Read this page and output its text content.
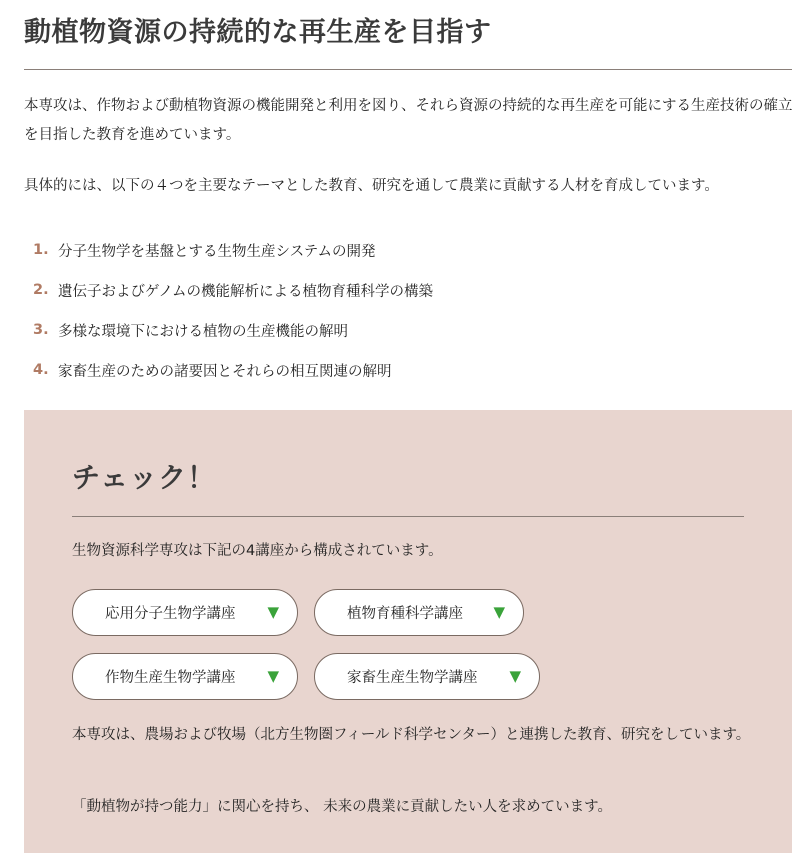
動植物資源の持続的な再生産を目指す

本専攻は、作物および動植物資源の機能開発と利用を図り、それら資源の持続的な再生産を可能にする生産技術の確立を目指した教育を進めています。

具体的には、以下の４つを主要なテーマとした教育、研究を通して農業に貢献する人材を育成しています。

1. 分子生物学を基盤とする生物生産システムの開発
2. 遺伝子およびゲノムの機能解析による植物育種科学の構築
3. 多様な環境下における植物の生産機能の解明
4. 家畜生産のための諸要因とそれらの相互関連の解明
チェック！

生物資源科学専攻は下記の4講座から構成されています。

応用分子生物学講座 ▼	植物育種科学講座 ▼
作物生産生物学講座 ▼	家畜生産生物学講座 ▼

本専攻は、農場および牧場（北方生物圏フィールド科学センター）と連携した教育、研究をしています。

「動植物が持つ能力」に関心を持ち、 未来の農業に貢献したい人を求めています。
